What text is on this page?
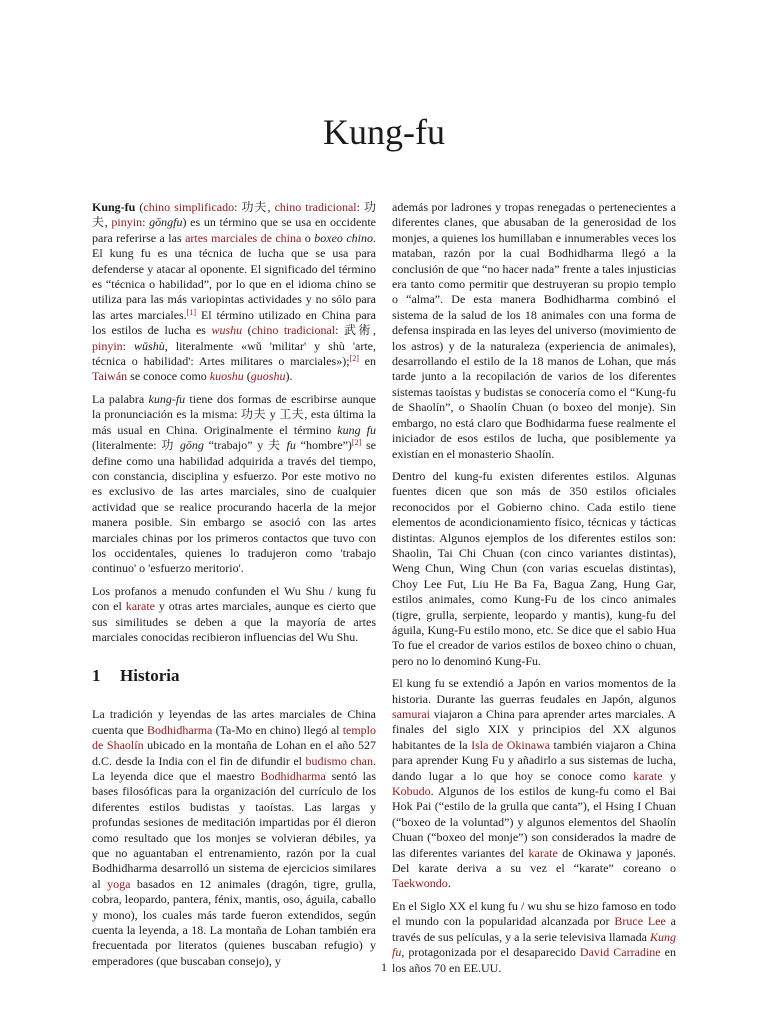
Kung-fu

Kung-fu (chino simplificado: 功夫, chino tradicional: 功夫, pinyin: gōngfu) es un término que se usa en occidente para referirse a las artes marciales de china o boxeo chino. El kung fu es una técnica de lucha que se usa para defenderse y atacar al oponente. El significado del término es “técnica o habilidad”, por lo que en el idioma chino se utiliza para las más variopintas actividades y no sólo para las artes marciales.[1] El término utilizado en China para los estilos de lucha es wushu (chino tradicional: 武術, pinyin: wǔshù, literalmente «wǔ 'militar' y shù 'arte, técnica o habilidad': Artes militares o marciales»);[2] en Taiwán se conoce como kuoshu (guoshu).

La palabra kung-fu tiene dos formas de escribirse aunque la pronunciación es la misma: 功夫 y 工夫, esta última la más usual en China. Originalmente el término kung fu (literalmente: 功 gōng “trabajo” y 夫 fu “hombre”)[2] se define como una habilidad adquirida a través del tiempo, con constancia, disciplina y esfuerzo. Por este motivo no es exclusivo de las artes marciales, sino de cualquier actividad que se realice procurando hacerla de la mejor manera posible. Sin embargo se asoció con las artes marciales chinas por los primeros contactos que tuvo con los occidentales, quienes lo tradujeron como 'trabajo continuo' o 'esfuerzo meritorio'.

Los profanos a menudo confunden el Wu Shu / kung fu con el karate y otras artes marciales, aunque es cierto que sus similitudes se deben a que la mayoría de artes marciales conocidas recibieron influencias del Wu Shu.

1 Historia

La tradición y leyendas de las artes marciales de China cuenta que Bodhidharma (Ta-Mo en chino) llegó al templo de Shaolín ubicado en la montaña de Lohan en el año 527 d.C. desde la India con el fin de difundir el budismo chan. La leyenda dice que el maestro Bodhidharma sentó las bases filosóficas para la organización del currículo de los diferentes estilos budistas y taoístas. Las largas y profundas sesiones de meditación impartidas por él dieron como resultado que los monjes se volvieran débiles, ya que no aguantaban el entrenamiento, razón por la cual Bodhidharma desarrolló un sistema de ejercicios similares al yoga basados en 12 animales (dragón, tigre, grulla, cobra, leopardo, pantera, fénix, mantis, oso, águila, caballo y mono), los cuales más tarde fueron extendidos, según cuenta la leyenda, a 18. La montaña de Lohan también era frecuentada por literatos (quienes buscaban refugio) y emperadores (que buscaban consejo), y

además por ladrones y tropas renegadas o pertenecientes a diferentes clanes, que abusaban de la generosidad de los monjes, a quienes los humillaban e innumerables veces los mataban, razón por la cual Bodhidharma llegó a la conclusión de que “no hacer nada” frente a tales injusticias era tanto como permitir que destruyeran su propio templo o “alma”. De esta manera Bodhidharma combinó el sistema de la salud de los 18 animales con una forma de defensa inspirada en las leyes del universo (movimiento de los astros) y de la naturaleza (experiencia de animales), desarrollando el estilo de la 18 manos de Lohan, que más tarde junto a la recopilación de varios de los diferentes sistemas taoístas y budistas se conocería como el “Kung-fu de Shaolín”, o Shaolín Chuan (o boxeo del monje). Sin embargo, no está claro que Bodhidarma fuese realmente el iniciador de esos estilos de lucha, que posiblemente ya existían en el monasterio Shaolín.

Dentro del kung-fu existen diferentes estilos. Algunas fuentes dicen que son más de 350 estilos oficiales reconocidos por el Gobierno chino. Cada estilo tiene elementos de acondicionamiento físico, técnicas y tácticas distintas. Algunos ejemplos de los diferentes estilos son: Shaolin, Tai Chi Chuan (con cinco variantes distintas), Weng Chun, Wing Chun (con varias escuelas distintas), Choy Lee Fut, Liu He Ba Fa, Bagua Zang, Hung Gar, estilos animales, como Kung-Fu de los cinco animales (tigre, grulla, serpiente, leopardo y mantis), kung-fu del águila, Kung-Fu estilo mono, etc. Se dice que el sabio Hua To fue el creador de varios estilos de boxeo chino o chuan, pero no lo denominó Kung-Fu.

El kung fu se extendió a Japón en varios momentos de la historia. Durante las guerras feudales en Japón, algunos samurai viajaron a China para aprender artes marciales. A finales del siglo XIX y principios del XX algunos habitantes de la Isla de Okinawa también viajaron a China para aprender Kung Fu y añadirlo a sus sistemas de lucha, dando lugar a lo que hoy se conoce como karate y Kobudo. Algunos de los estilos de kung-fu como el Bai Hok Pai (“estilo de la grulla que canta”), el Hsing I Chuan (“boxeo de la voluntad”) y algunos elementos del Shaolín Chuan (“boxeo del monje”) son considerados la madre de las diferentes variantes del karate de Okinawa y japonés. Del karate deriva a su vez el “karate” coreano o Taekwondo.

En el Siglo XX el kung fu / wu shu se hizo famoso en todo el mundo con la popularidad alcanzada por Bruce Lee a través de sus películas, y a la serie televisiva llamada Kung fu, protagonizada por el desaparecido David Carradine en los años 70 en EE.UU.

1
